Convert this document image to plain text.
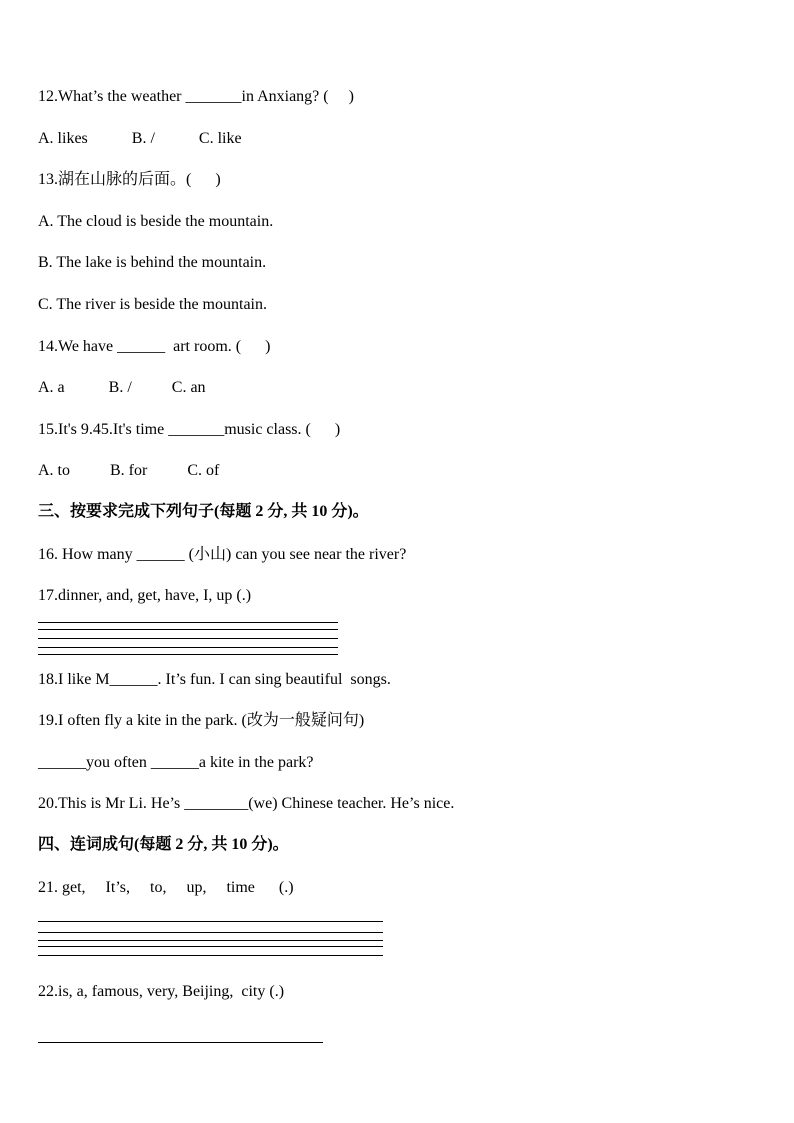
12.What’s the weather _______in Anxiang? (     )
A. likes           B. /           C. like
13.湖在山脉的后面。(      )
A. The cloud is beside the mountain.
B. The lake is behind the mountain.
C. The river is beside the mountain.
14.We have ______  art room. (      )
A. a           B. /          C. an
15.It's 9.45.It's time _______music class. (      )
A. to          B. for          C. of
三、按要求完成下列句子(每题 2 分, 共 10 分)。
16. How many ______ (小山) can you see near the river?
17.dinner, and, get, have, I, up (.)
18.I like M______. It’s fun. I can sing beautiful  songs.
19.I often fly a kite in the park. (改为一般疑问句)
______you often ______a kite in the park?
20.This is Mr Li. He’s ________(we) Chinese teacher. He’s nice.
四、连词成句(每题 2 分, 共 10 分)。
21. get,     It’s,     to,     up,     time      (.)
22.is, a, famous, very, Beijing,  city (.)
